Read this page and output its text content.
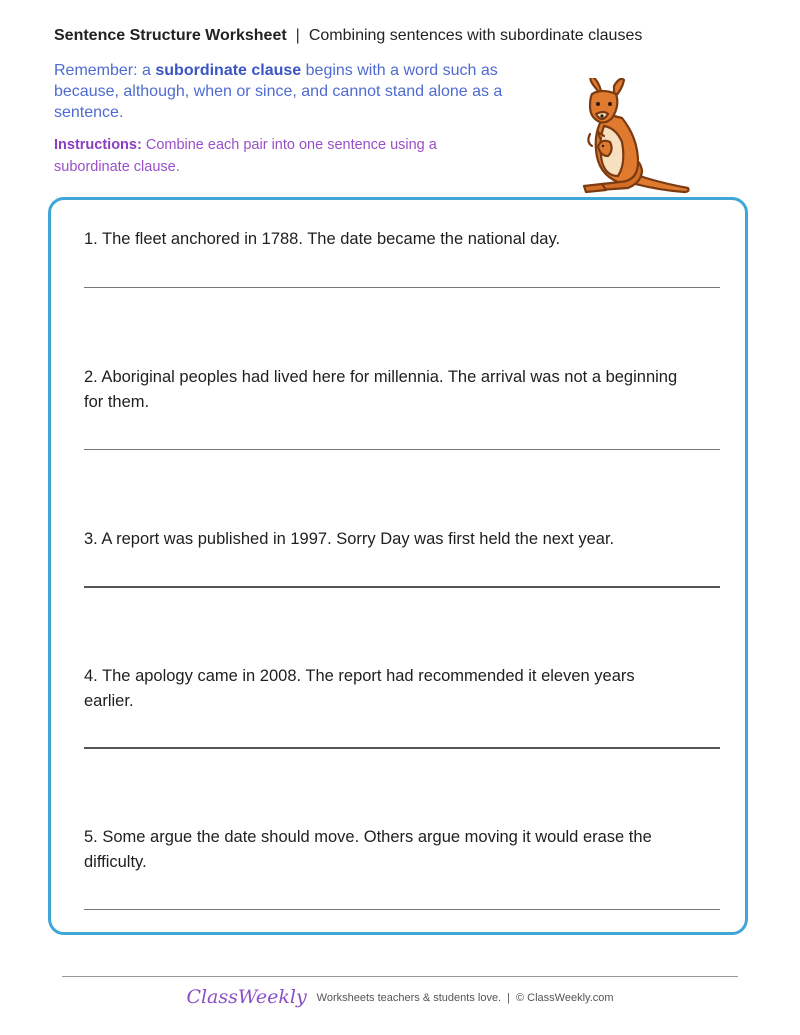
Sentence Structure Worksheet | Combining sentences with subordinate clauses
Remember: a subordinate clause begins with a word such as because, although, when or since, and cannot stand alone as a sentence.
Instructions: Combine each pair into one sentence using a subordinate clause.
1. The fleet anchored in 1788. The date became the national day.
2. Aboriginal peoples had lived here for millennia. The arrival was not a beginning for them.
3. A report was published in 1997. Sorry Day was first held the next year.
4. The apology came in 2008. The report had recommended it eleven years earlier.
5. Some argue the date should move. Others argue moving it would erase the difficulty.
ClassWeekly Worksheets teachers & students love. | © ClassWeekly.com
